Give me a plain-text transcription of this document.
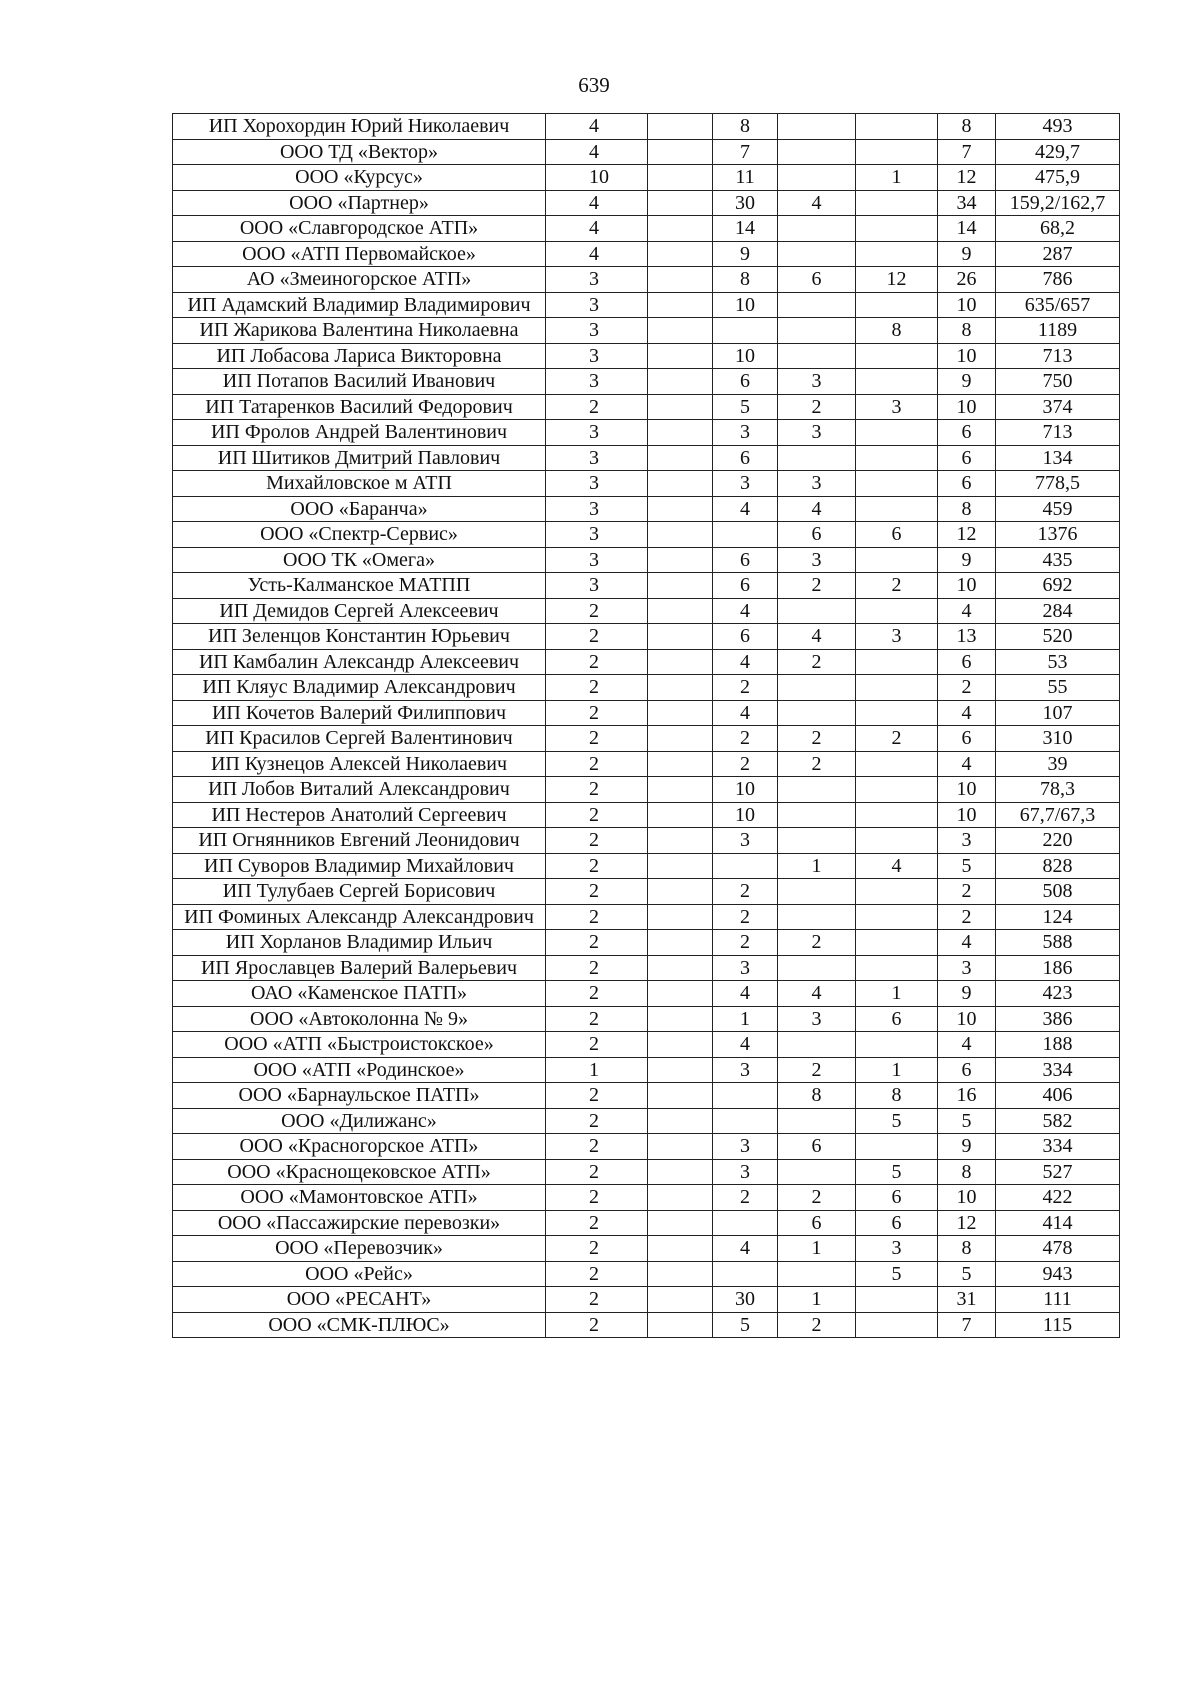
639
ИП Хорохордин Юрий Николаевич	4		8			8	493
ООО ТД «Вектор»	4		7			7	429,7
ООО «Курсус»	10		11		1	12	475,9
ООО «Партнер»	4		30	4		34	159,2/162,7
ООО «Славгородское АТП»	4		14			14	68,2
ООО «АТП Первомайское»	4		9			9	287
АО «Змеиногорское АТП»	3		8	6	12	26	786
ИП Адамский Владимир Владимирович	3		10			10	635/657
ИП Жарикова Валентина Николаевна	3				8	8	1189
ИП Лобасова Лариса Викторовна	3		10			10	713
ИП Потапов Василий Иванович	3		6	3		9	750
ИП Татаренков Василий Федорович	2		5	2	3	10	374
ИП Фролов Андрей Валентинович	3		3	3		6	713
ИП Шитиков Дмитрий Павлович	3		6			6	134
Михайловское м АТП	3		3	3		6	778,5
ООО «Баранча»	3		4	4		8	459
ООО «Спектр-Сервис»	3			6	6	12	1376
ООО ТК «Омега»	3		6	3		9	435
Усть-Калманское МАТПП	3		6	2	2	10	692
ИП Демидов Сергей Алексеевич	2		4			4	284
ИП Зеленцов Константин Юрьевич	2		6	4	3	13	520
ИП Камбалин Александр Алексеевич	2		4	2		6	53
ИП Кляус Владимир Александрович	2		2			2	55
ИП Кочетов Валерий Филиппович	2		4			4	107
ИП Красилов Сергей Валентинович	2		2	2	2	6	310
ИП Кузнецов Алексей Николаевич	2		2	2		4	39
ИП Лобов Виталий Александрович	2		10			10	78,3
ИП Нестеров Анатолий Сергеевич	2		10			10	67,7/67,3
ИП Огнянников Евгений Леонидович	2		3			3	220
ИП Суворов Владимир Михайлович	2			1	4	5	828
ИП Тулубаев Сергей Борисович	2		2			2	508
ИП Фоминых Александр Александрович	2		2			2	124
ИП Хорланов Владимир Ильич	2		2	2		4	588
ИП Ярославцев Валерий Валерьевич	2		3			3	186
ОАО «Каменское ПАТП»	2		4	4	1	9	423
ООО «Автоколонна № 9»	2		1	3	6	10	386
ООО «АТП «Быстроистокское»	2		4			4	188
ООО «АТП «Родинское»	1		3	2	1	6	334
ООО «Барнаульское ПАТП»	2			8	8	16	406
ООО «Дилижанс»	2				5	5	582
ООО «Красногорское АТП»	2		3	6		9	334
ООО «Краснощековское АТП»	2		3		5	8	527
ООО «Мамонтовское АТП»	2		2	2	6	10	422
ООО «Пассажирские перевозки»	2			6	6	12	414
ООО «Перевозчик»	2		4	1	3	8	478
ООО «Рейс»	2				5	5	943
ООО «РЕСАНТ»	2		30	1		31	111
ООО «СМК-ПЛЮС»	2		5	2		7	115
